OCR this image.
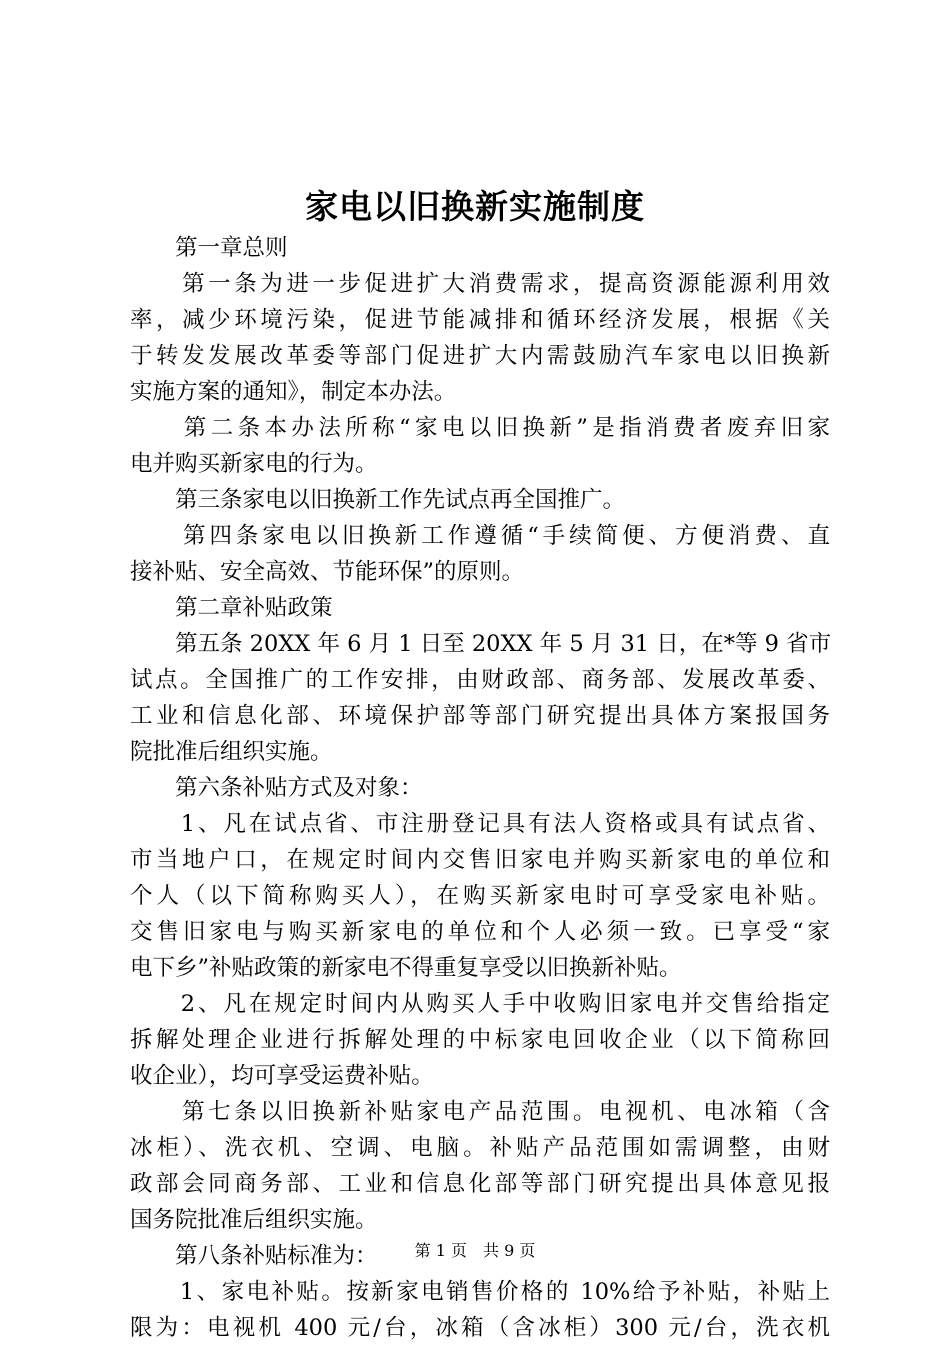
家电以旧换新实施制度
　　第一章总则
　　第一条为进一步促进扩大消费需求，提高资源能源利用效
率，减少环境污染，促进节能减排和循环经济发展，根据《关
于转发发展改革委等部门促进扩大内需鼓励汽车家电以旧换新
实施方案的通知》，制定本办法。
　　第二条本办法所称“家电以旧换新”是指消费者废弃旧家
电并购买新家电的行为。
　　第三条家电以旧换新工作先试点再全国推广。
　　第四条家电以旧换新工作遵循“手续简便、方便消费、直
接补贴、安全高效、节能环保”的原则。
　　第二章补贴政策
　　第五条 20XX 年 6 月 1 日至 20XX 年 5 月 31 日，在*等 9 省市
试点。全国推广的工作安排，由财政部、商务部、发展改革委、
工业和信息化部、环境保护部等部门研究提出具体方案报国务
院批准后组织实施。
　　第六条补贴方式及对象：
　　1、凡在试点省、市注册登记具有法人资格或具有试点省、
市当地户口，在规定时间内交售旧家电并购买新家电的单位和
个人（以下简称购买人），在购买新家电时可享受家电补贴。
交售旧家电与购买新家电的单位和个人必须一致。已享受“家
电下乡”补贴政策的新家电不得重复享受以旧换新补贴。
　　2、凡在规定时间内从购买人手中收购旧家电并交售给指定
拆解处理企业进行拆解处理的中标家电回收企业（以下简称回
收企业），均可享受运费补贴。
　　第七条以旧换新补贴家电产品范围。电视机、电冰箱（含
冰柜）、洗衣机、空调、电脑。补贴产品范围如需调整，由财
政部会同商务部、工业和信息化部等部门研究提出具体意见报
国务院批准后组织实施。
　　第八条补贴标准为：
　　1、家电补贴。按新家电销售价格的 10%给予补贴，补贴上
限为：电视机 400 元/台，冰箱（含冰柜）300 元/台，洗衣机
第 1 页　共 9 页
